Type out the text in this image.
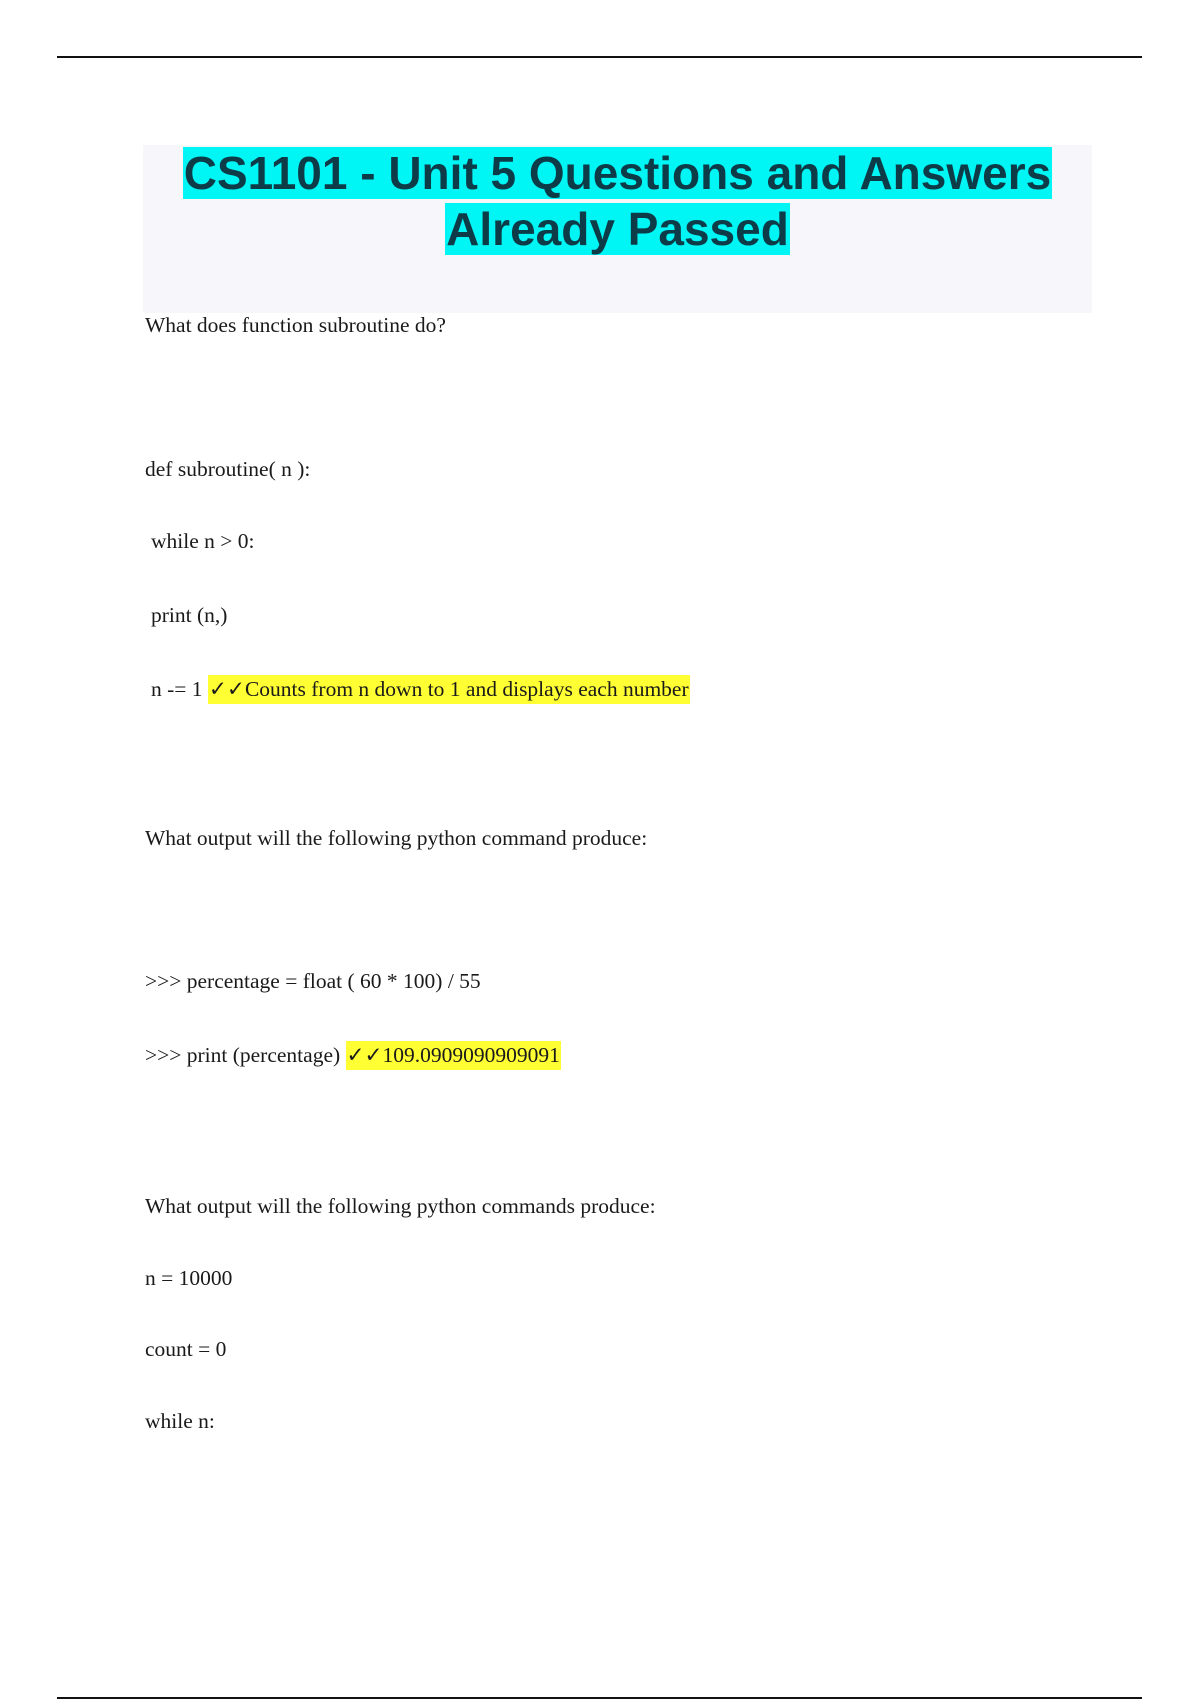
CS1101 - Unit 5 Questions and Answers
Already Passed
What does function subroutine do?
def subroutine( n ):
while n > 0:
print (n,)
n -= 1 ✓✓Counts from n down to 1 and displays each number
What output will the following python command produce:
>>> percentage = float ( 60 * 100) / 55
>>> print (percentage) ✓✓109.0909090909091
What output will the following python commands produce:
n = 10000
count = 0
while n:
